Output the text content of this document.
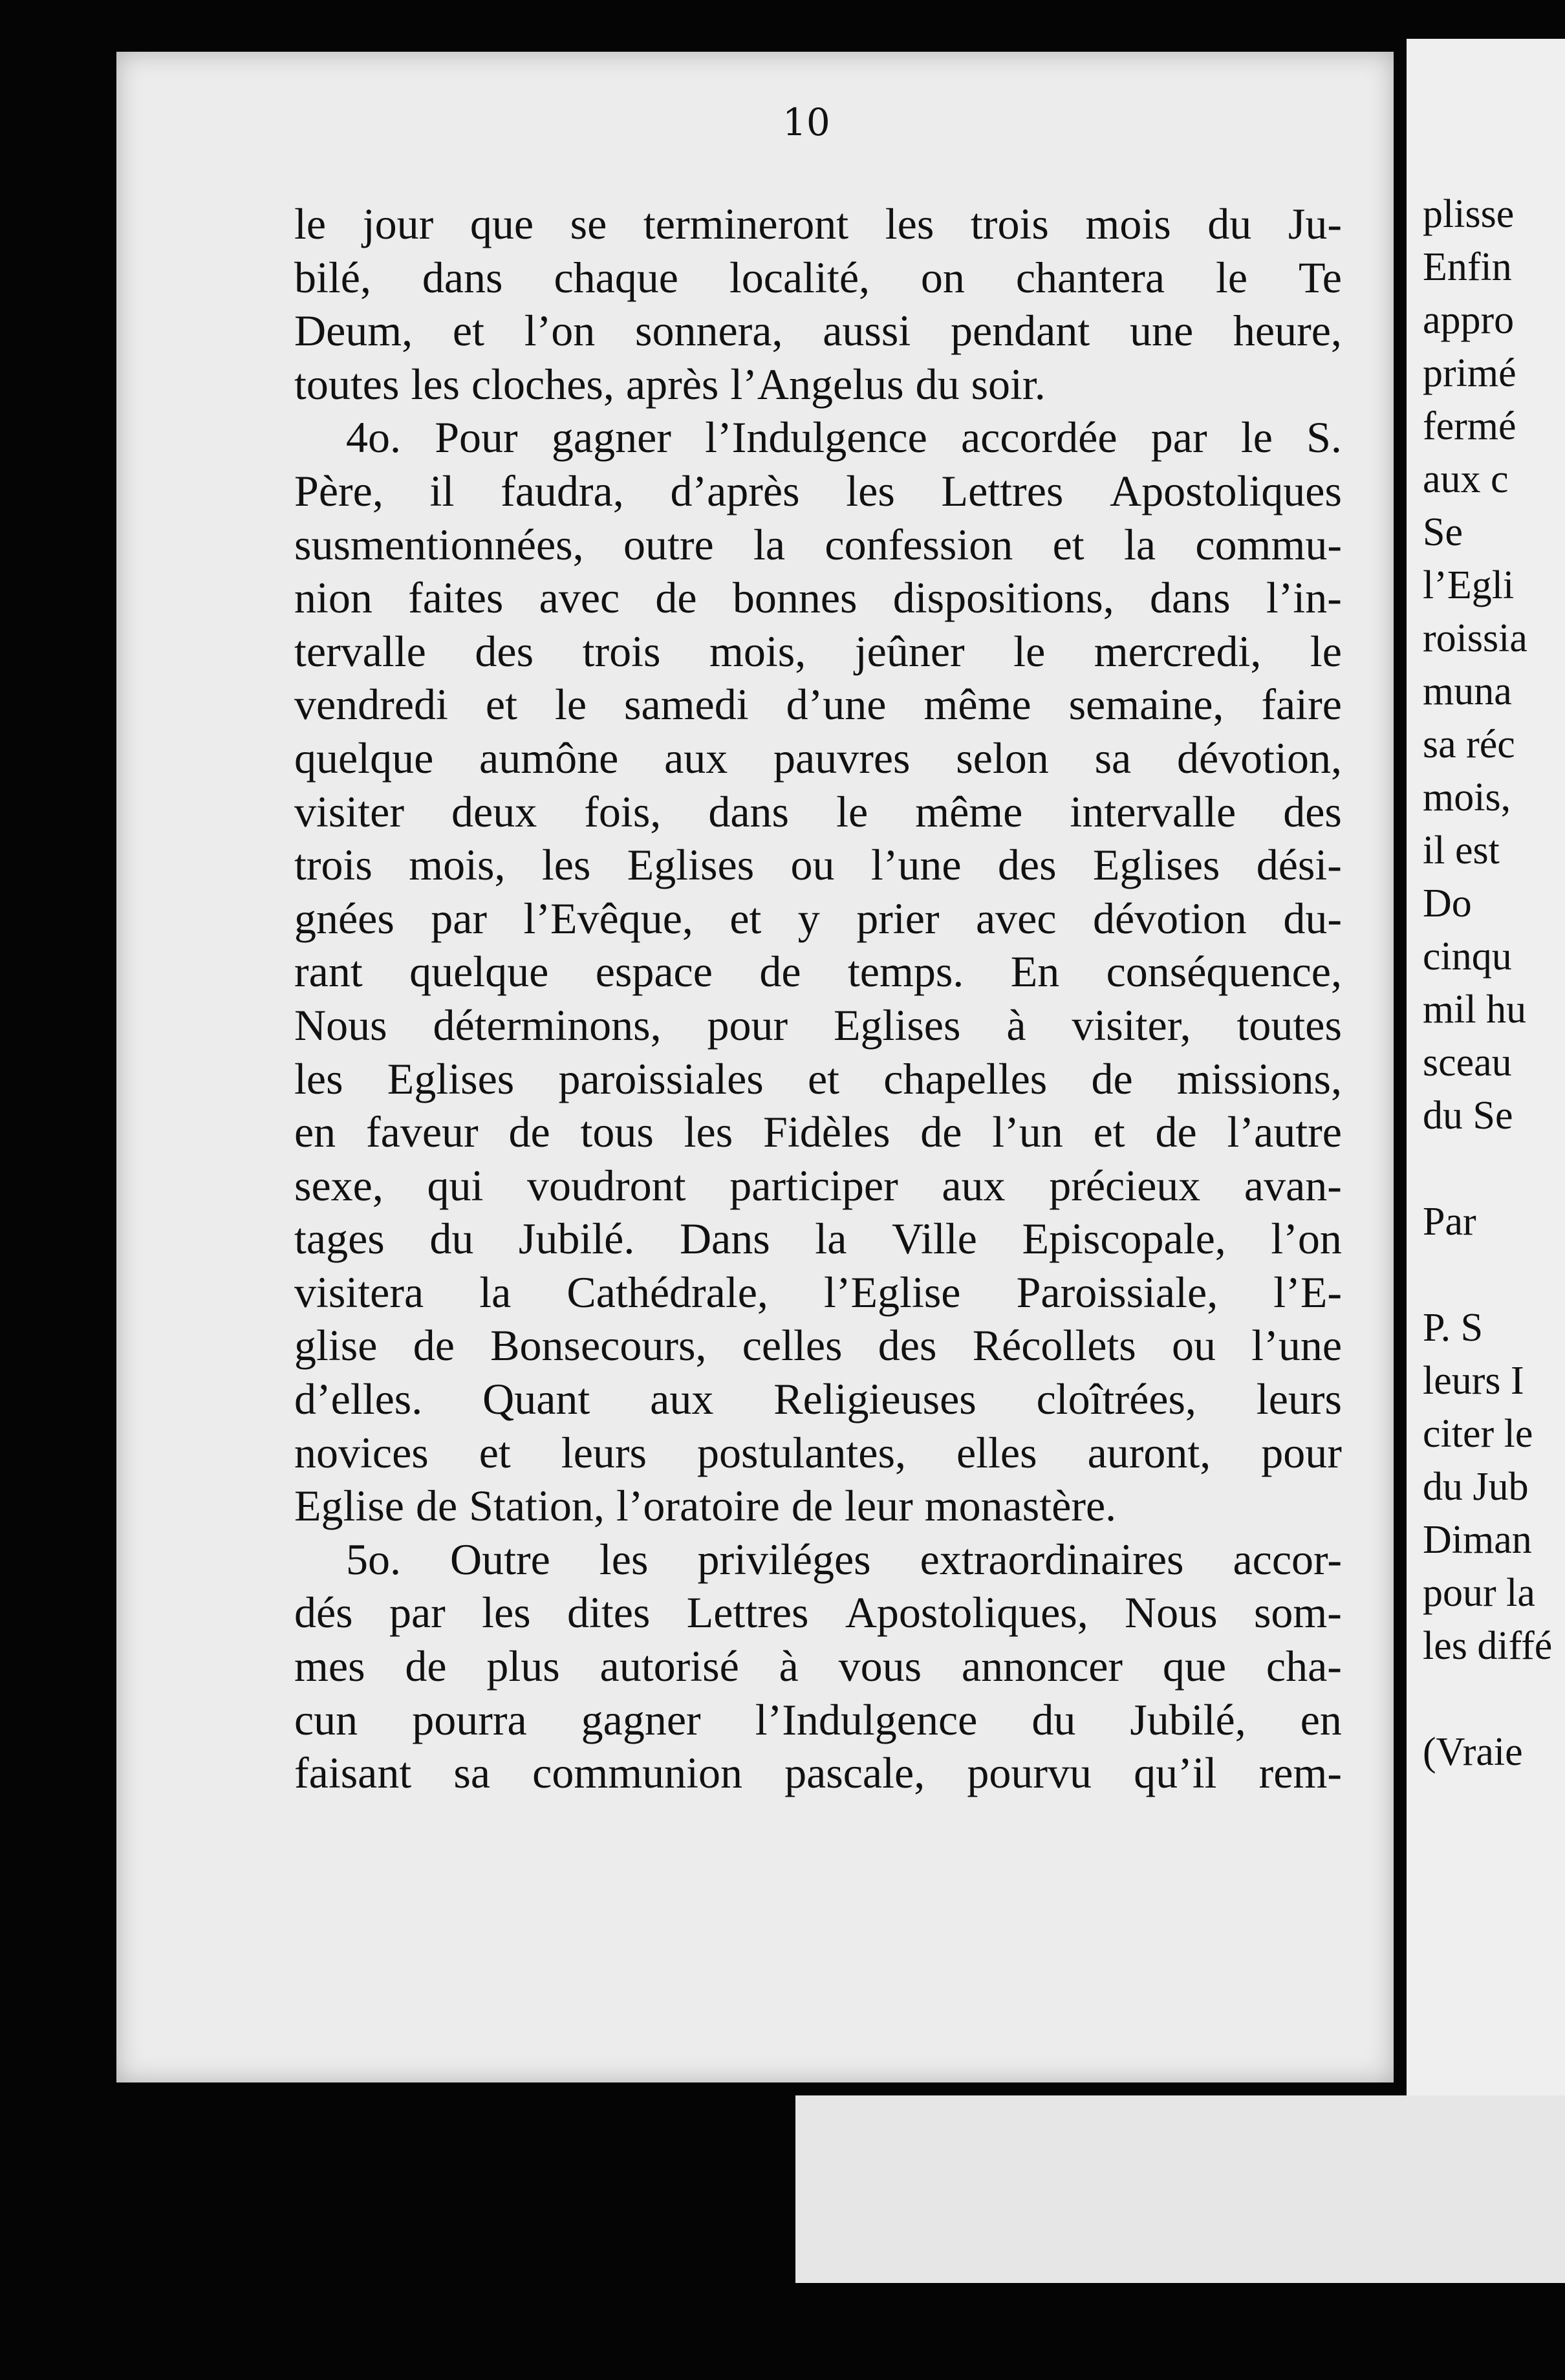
10
le jour que se termineront les trois mois du Ju-
bilé, dans chaque localité, on chantera le Te
Deum, et l’on sonnera, aussi pendant une heure,
toutes les cloches, après l’Angelus du soir.
4o. Pour gagner l’Indulgence accordée par le S.
Père, il faudra, d’après les Lettres Apostoliques
susmentionnées, outre la confession et la commu-
nion faites avec de bonnes dispositions, dans l’in-
tervalle des trois mois, jeûner le mercredi, le
vendredi et le samedi d’une même semaine, faire
quelque aumône aux pauvres selon sa dévotion,
visiter deux fois, dans le même intervalle des
trois mois, les Eglises ou l’une des Eglises dési-
gnées par l’Evêque, et y prier avec dévotion du-
rant quelque espace de temps. En conséquence,
Nous déterminons, pour Eglises à visiter, toutes
les Eglises paroissiales et chapelles de missions,
en faveur de tous les Fidèles de l’un et de l’autre
sexe, qui voudront participer aux précieux avan-
tages du Jubilé. Dans la Ville Episcopale, l’on
visitera la Cathédrale, l’Eglise Paroissiale, l’E-
glise de Bonsecours, celles des Récollets ou l’une
d’elles. Quant aux Religieuses cloîtrées, leurs
novices et leurs postulantes, elles auront, pour
Eglise de Station, l’oratoire de leur monastère.
5o. Outre les priviléges extraordinaires accor-
dés par les dites Lettres Apostoliques, Nous som-
mes de plus autorisé à vous annoncer que cha-
cun pourra gagner l’Indulgence du Jubilé, en
faisant sa communion pascale, pourvu qu’il rem-
plisse
Enfin
appro
primé
fermé
aux c
Se
l’Egli
roissia
muna
sa réc
mois,
il est
Do
cinqu
mil hu
sceau
du Se
Par
P. S
leurs I
citer le
du Jub
Diman
pour la
les diffé
(Vraie
